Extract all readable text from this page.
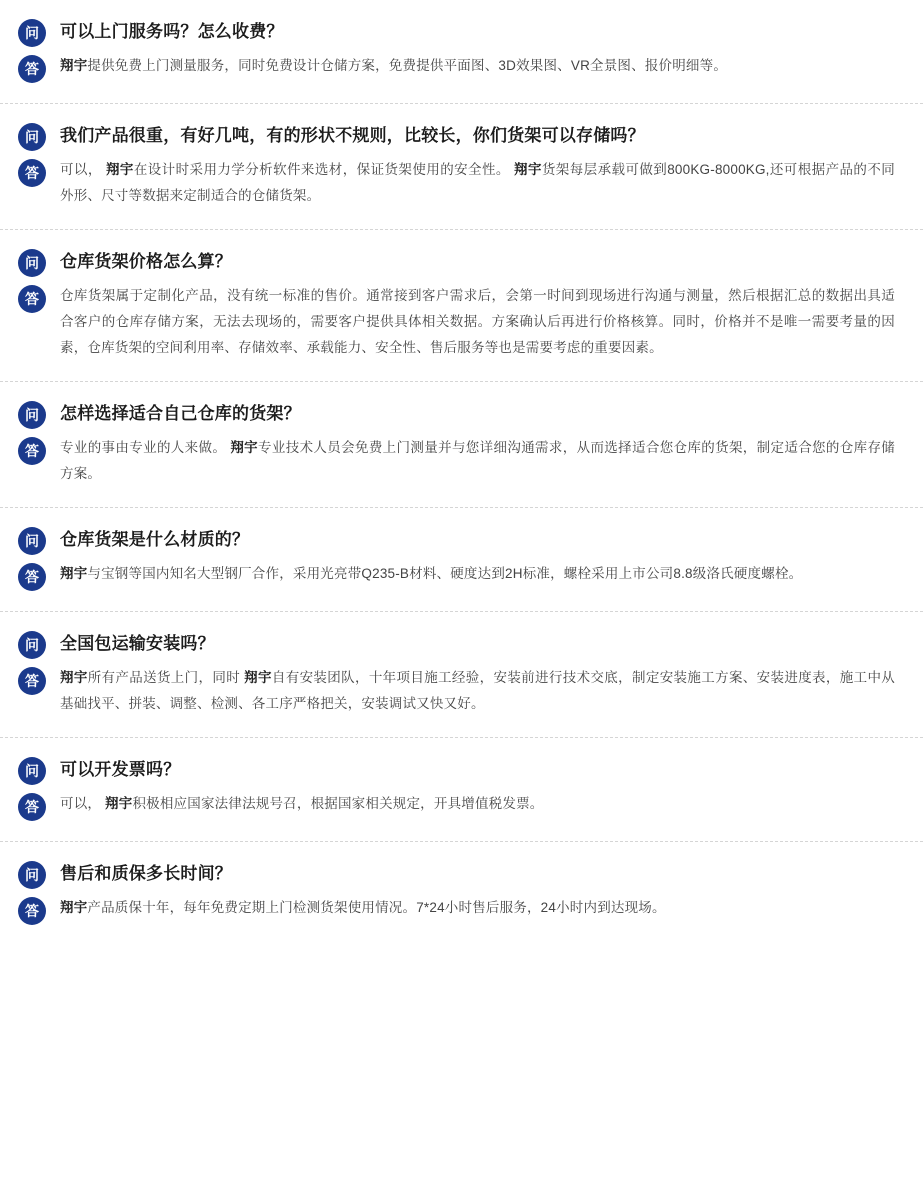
问	可以上门服务吗？怎么收费？
答	翔宇提供免费上门测量服务，同时免费设计仓储方案，免费提供平面图、3D效果图、VR全景图、报价明细等。
问	我们产品很重，有好几吨，有的形状不规则，比较长，你们货架可以存储吗？
答	可以， 翔宇在设计时采用力学分析软件来选材，保证货架使用的安全性。 翔宇货架每层承载可做到800KG-8000KG,还可根据产品的不同外形、尺寸等数据来定制适合的仓储货架。
问	仓库货架价格怎么算？
答	仓库货架属于定制化产品，没有统一标准的售价。通常接到客户需求后，会第一时间到现场进行沟通与测量，然后根据汇总的数据出具适合客户的仓库存储方案，无法去现场的，需要客户提供具体相关数据。方案确认后再进行价格核算。同时，价格并不是唯一需要考量的因素，仓库货架的空间利用率、存储效率、承载能力、安全性、售后服务等也是需要考虑的重要因素。
问	怎样选择适合自己仓库的货架？
答	专业的事由专业的人来做。 翔宇专业技术人员会免费上门测量并与您详细沟通需求，从而选择适合您仓库的货架，制定适合您的仓库存储方案。
问	仓库货架是什么材质的？
答	翔宇与宝钢等国内知名大型钢厂合作，采用光亮带Q235-B材料、硬度达到2H标准，螺栓采用上市公司8.8级洛氏硬度螺栓。
问	全国包运输安装吗？
答	翔宇所有产品送货上门，同时 翔宇自有安装团队，十年项目施工经验，安装前进行技术交底，制定安装施工方案、安装进度表，施工中从基础找平、拼装、调整、检测、各工序严格把关，安装调试又快又好。
问	可以开发票吗？
答	可以， 翔宇积极相应国家法律法规号召，根据国家相关规定，开具增值税发票。
问	售后和质保多长时间？
答	翔宇产品质保十年，每年免费定期上门检测货架使用情况。7*24小时售后服务，24小时内到达现场。
